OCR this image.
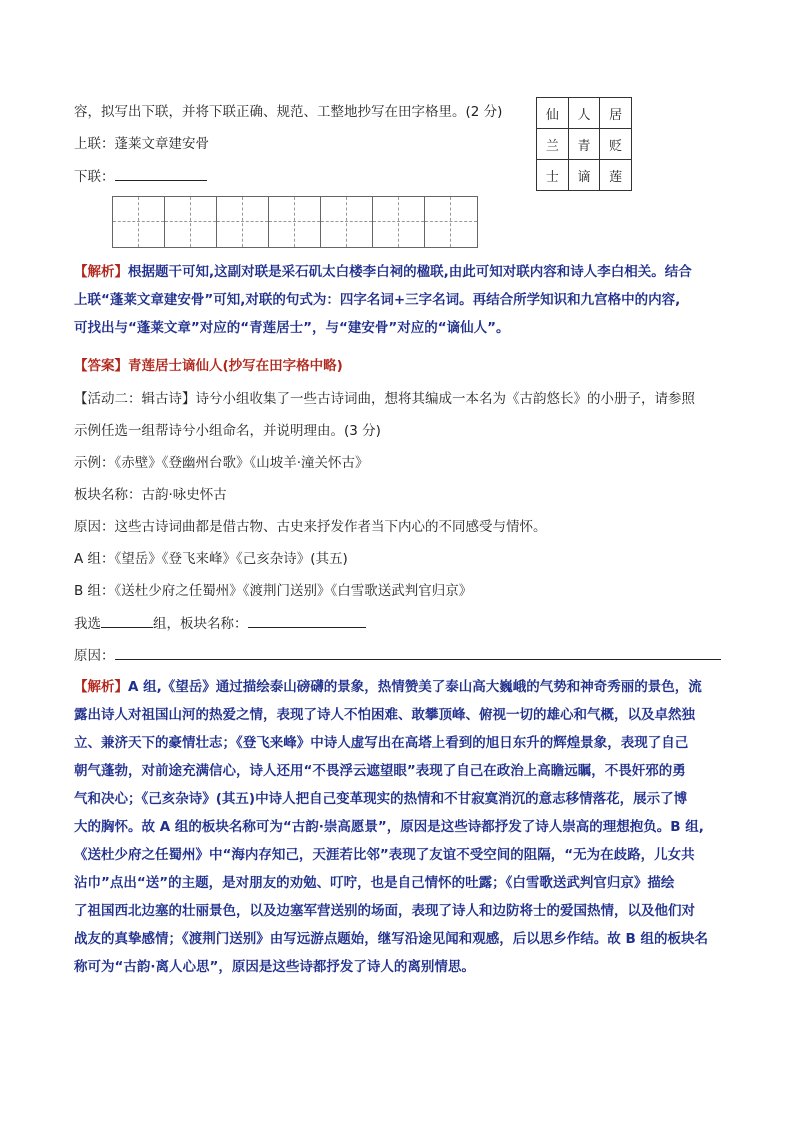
容，拟写出下联，并将下联正确、规范、工整地抄写在田字格里。(2 分)
上联：蓬莱文章建安骨
下联：
仙	人	居
兰	青	贬
士	谪	莲
【解析】根据题干可知,这副对联是采石矶太白楼李白祠的楹联,由此可知对联内容和诗人李白相关。结合
上联“蓬莱文章建安骨”可知,对联的句式为：四字名词+三字名词。再结合所学知识和九宫格中的内容,
可找出与“蓬莱文章”对应的“青莲居士”，与“建安骨”对应的“谪仙人”。
【答案】青莲居士谪仙人(抄写在田字格中略)
【活动二：辑古诗】诗兮小组收集了一些古诗词曲，想将其编成一本名为《古韵悠长》的小册子，请参照
示例任选一组帮诗兮小组命名，并说明理由。(3 分)
示例：《赤壁》《登幽州台歌》《山坡羊·潼关怀古》
板块名称：古韵·咏史怀古
原因：这些古诗词曲都是借古物、古史来抒发作者当下内心的不同感受与情怀。
A 组：《望岳》《登飞来峰》《己亥杂诗》(其五)
B 组：《送杜少府之任蜀州》《渡荆门送别》《白雪歌送武判官归京》
我选	组，板块名称：
原因：
【解析】A 组,《望岳》通过描绘泰山磅礴的景象，热情赞美了泰山高大巍峨的气势和神奇秀丽的景色，流
露出诗人对祖国山河的热爱之情，表现了诗人不怕困难、敢攀顶峰、俯视一切的雄心和气概，以及卓然独
立、兼济天下的豪情壮志；《登飞来峰》中诗人虚写出在高塔上看到的旭日东升的辉煌景象，表现了自己
朝气蓬勃，对前途充满信心，诗人还用“不畏浮云遮望眼”表现了自己在政治上高瞻远瞩，不畏奸邪的勇
气和决心；《己亥杂诗》(其五)中诗人把自己变革现实的热情和不甘寂寞消沉的意志移情落花，展示了博
大的胸怀。故 A 组的板块名称可为“古韵·崇高愿景”，原因是这些诗都抒发了诗人崇高的理想抱负。B 组,
《送杜少府之任蜀州》中“海内存知己，天涯若比邻”表现了友谊不受空间的阻隔，“无为在歧路，儿女共
沾巾”点出“送”的主题，是对朋友的劝勉、叮咛，也是自己情怀的吐露；《白雪歌送武判官归京》描绘
了祖国西北边塞的壮丽景色，以及边塞军营送别的场面，表现了诗人和边防将士的爱国热情，以及他们对
战友的真挚感情；《渡荆门送别》由写远游点题始，继写沿途见闻和观感，后以思乡作结。故 B 组的板块名
称可为“古韵·离人心思”，原因是这些诗都抒发了诗人的离别情思。
